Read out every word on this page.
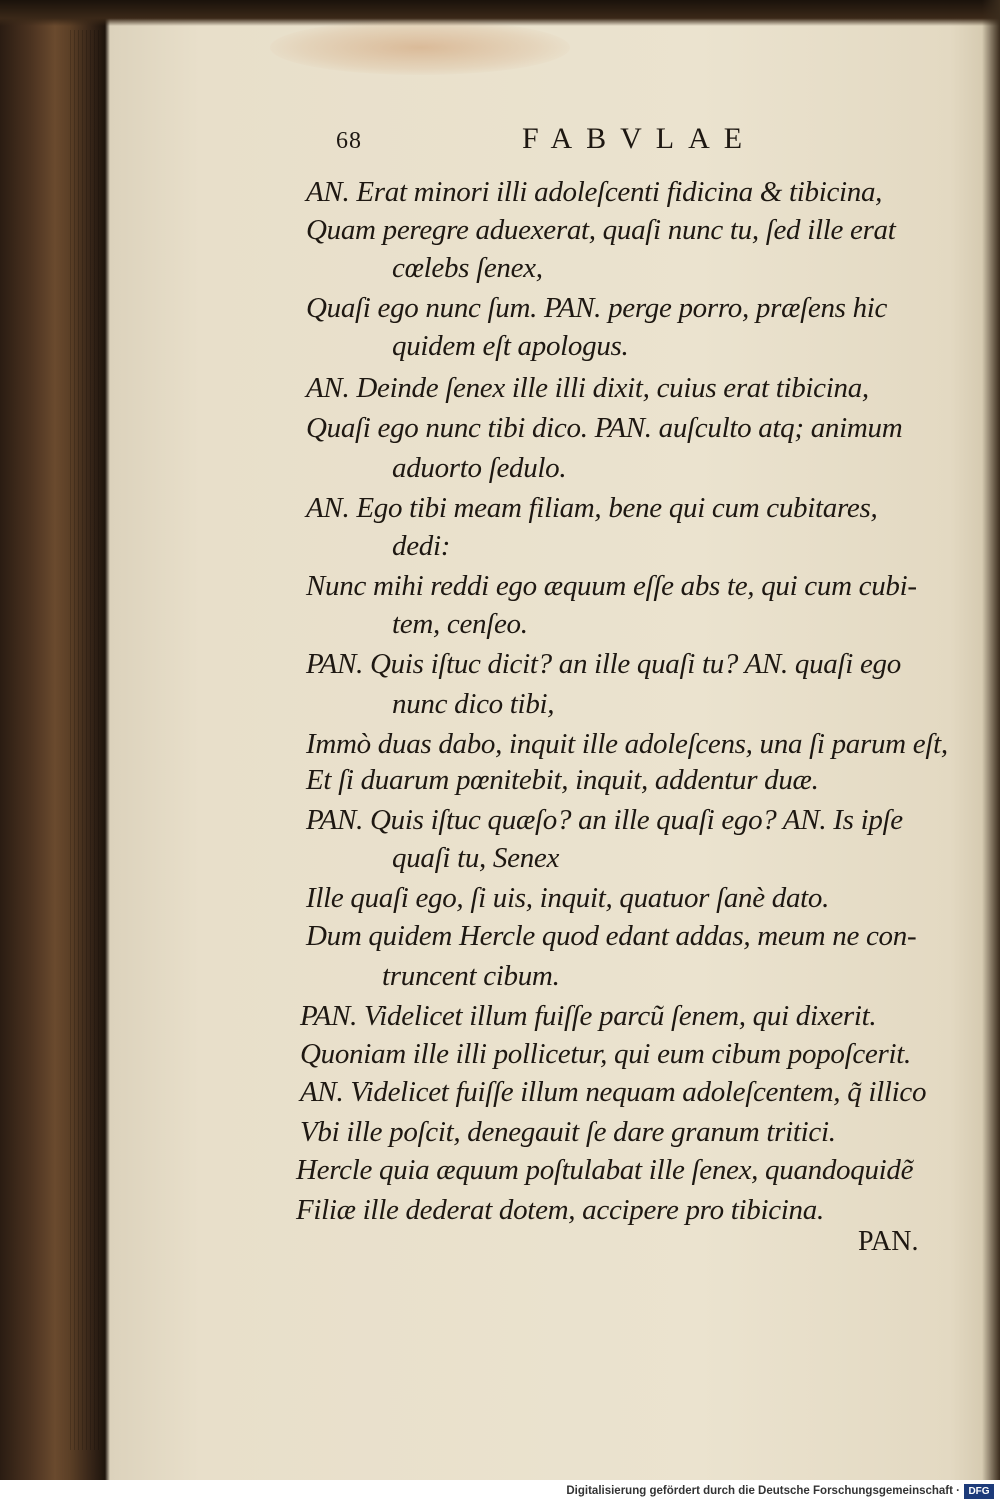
68	FABVLAE
AN. Erat minori illi adoleſcenti fidicina & tibicina,
Quam peregre aduexerat, quaſi nunc tu, ſed ille erat
cœlebs ſenex,
Quaſi ego nunc ſum. PAN. perge porro, præſens hic
quidem eſt apologus.
AN. Deinde ſenex ille illi dixit, cuius erat tibicina,
Quaſi ego nunc tibi dico. PAN. auſculto atq; animum
aduorto ſedulo.
AN. Ego tibi meam filiam, bene qui cum cubitares,
dedi:
Nunc mihi reddi ego æquum eſſe abs te, qui cum cubi-
tem, cenſeo.
PAN. Quis iſtuc dicit? an ille quaſi tu? AN. quaſi ego
nunc dico tibi,
Immò duas dabo, inquit ille adoleſcens, una ſi parum eſt,
Et ſi duarum pœnitebit, inquit, addentur duæ.
PAN. Quis iſtuc quæſo? an ille quaſi ego? AN. Is ipſe
quaſi tu, Senex
Ille quaſi ego, ſi uis, inquit, quatuor ſanè dato.
Dum quidem Hercle quod edant addas, meum ne con-
truncent cibum.
PAN. Videlicet illum fuiſſe parcũ ſenem, qui dixerit.
Quoniam ille illi pollicetur, qui eum cibum popoſcerit.
AN. Videlicet fuiſſe illum nequam adoleſcentem, q̃ illico
Vbi ille poſcit, denegauit ſe dare granum tritici.
Hercle quia æquum poſtulabat ille ſenex, quandoquidẽ
Filiæ ille dederat dotem, accipere pro tibicina.
PAN.
Digitalisierung gefördert durch die Deutsche Forschungsgemeinschaft · DFG
